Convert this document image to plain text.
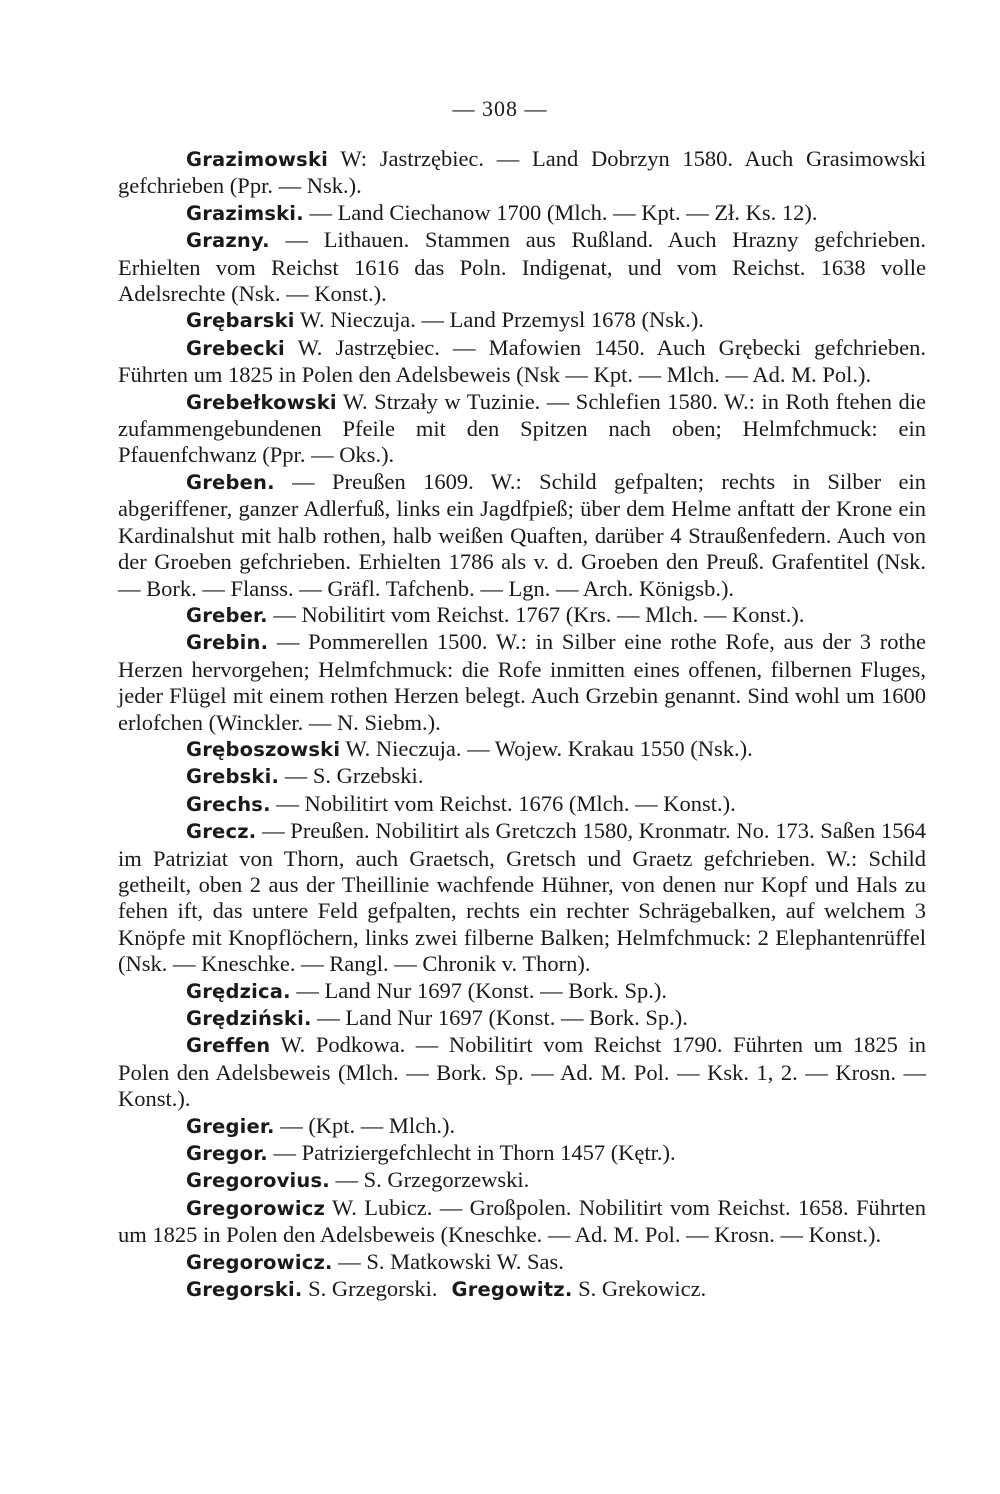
— 308 —

Grazimowski W: Jastrzębiec. — Land Dobrzyn 1580. Auch Grasimowski gefchrieben (Ppr. — Nsk.).

Grazimski. — Land Ciechanow 1700 (Mlch. — Kpt. — Zł. Ks. 12).

Grazny. — Lithauen. Stammen aus Rußland. Auch Hrazny gefchrieben. Erhielten vom Reichst 1616 das Poln. Indigenat, und vom Reichst. 1638 volle Adelsrechte (Nsk. — Konst.).

Grębarski W. Nieczuja. — Land Przemysl 1678 (Nsk.).

Grebecki W. Jastrzębiec. — Mafowien 1450. Auch Grębecki gefchrieben. Führten um 1825 in Polen den Adelsbeweis (Nsk — Kpt. — Mlch. — Ad. M. Pol.).

Grebełkowski W. Strzały w Tuzinie. — Schlefien 1580. W.: in Roth ftehen die zufammengebundenen Pfeile mit den Spitzen nach oben; Helmfchmuck: ein Pfauenfchwanz (Ppr. — Oks.).

Greben. — Preußen 1609. W.: Schild gefpalten; rechts in Silber ein abgeriffener, ganzer Adlerfuß, links ein Jagdfpieß; über dem Helme anftatt der Krone ein Kardinalshut mit halb rothen, halb weißen Quaften, darüber 4 Straußenfedern. Auch von der Groeben gefchrieben. Erhielten 1786 als v. d. Groeben den Preuß. Grafentitel (Nsk. — Bork. — Flanss. — Gräfl. Tafchenb. — Lgn. — Arch. Königsb.).

Greber. — Nobilitirt vom Reichst. 1767 (Krs. — Mlch. — Konst.).

Grebin. — Pommerellen 1500. W.: in Silber eine rothe Rofe, aus der 3 rothe Herzen hervorgehen; Helmfchmuck: die Rofe inmitten eines offenen, filbernen Fluges, jeder Flügel mit einem rothen Herzen belegt. Auch Grzebin genannt. Sind wohl um 1600 erlofchen (Winckler. — N. Siebm.).

Gręboszowski W. Nieczuja. — Wojew. Krakau 1550 (Nsk.).

Grebski. — S. Grzebski.

Grechs. — Nobilitirt vom Reichst. 1676 (Mlch. — Konst.).

Grecz. — Preußen. Nobilitirt als Gretczch 1580, Kronmatr. No. 173. Saßen 1564 im Patriziat von Thorn, auch Graetsch, Gretsch und Graetz gefchrieben. W.: Schild getheilt, oben 2 aus der Theillinie wachfende Hühner, von denen nur Kopf und Hals zu fehen ift, das untere Feld gefpalten, rechts ein rechter Schrägebalken, auf welchem 3 Knöpfe mit Knopflöchern, links zwei filberne Balken; Helmfchmuck: 2 Elephantenrüffel (Nsk. — Kneschke. — Rangl. — Chronik v. Thorn).

Grędzica. — Land Nur 1697 (Konst. — Bork. Sp.).

Grędziński. — Land Nur 1697 (Konst. — Bork. Sp.).

Greffen W. Podkowa. — Nobilitirt vom Reichst 1790. Führten um 1825 in Polen den Adelsbeweis (Mlch. — Bork. Sp. — Ad. M. Pol. — Ksk. 1, 2. — Krosn. — Konst.).

Gregier. — (Kpt. — Mlch.).

Gregor. — Patriziergefchlecht in Thorn 1457 (Kętr.).

Gregorovius. — S. Grzegorzewski.

Gregorowicz W. Lubicz. — Großpolen. Nobilitirt vom Reichst. 1658. Führten um 1825 in Polen den Adelsbeweis (Kneschke. — Ad. M. Pol. — Krosn. — Konst.).

Gregorowicz. — S. Matkowski W. Sas.

Gregorski. S. Grzegorski. Gregowitz. S. Grekowicz.
